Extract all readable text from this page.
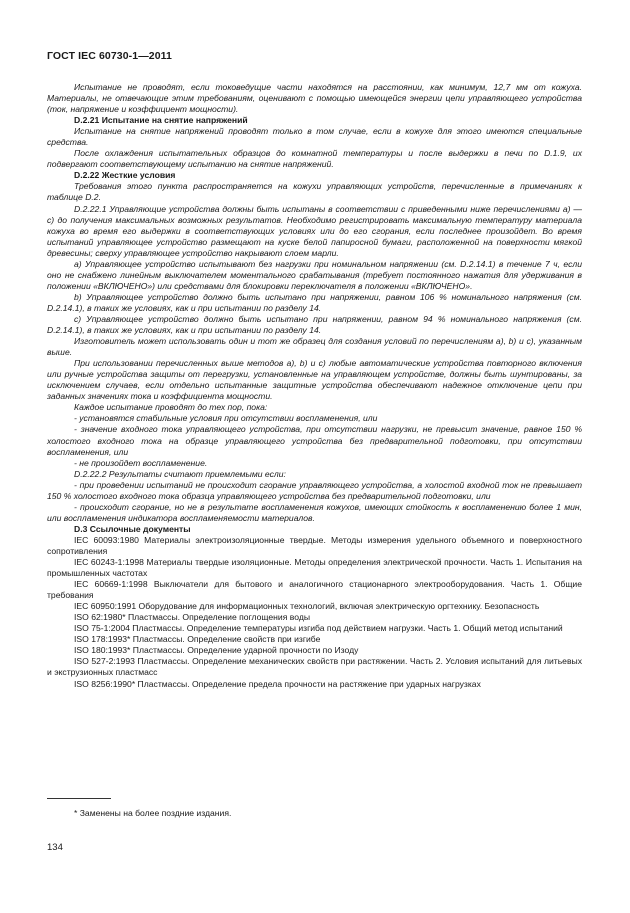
ГОСТ IEC 60730-1—2011

Испытание не проводят, если токоведущие части находятся на расстоянии, как минимум, 12,7 мм от кожуха. Материалы, не отвечающие этим требованиям, оценивают с помощью имеющейся энергии цепи управляющего устройства (ток, напряжение и коэффициент мощности).

D.2.21 Испытание на снятие напряжений

Испытание на снятие напряжений проводят только в том случае, если в кожухе для этого имеются специальные средства.

После охлаждения испытательных образцов до комнатной температуры и после выдержки в печи по D.1.9, их подвергают соответствующему испытанию на снятие напряжений.

D.2.22 Жесткие условия

Требования этого пункта распространяется на кожухи управляющих устройств, перечисленные в примечаниях к таблице D.2.

D.2.22.1 Управляющие устройства должны быть испытаны в соответствии с приведенными ниже перечислениями а) — с) до получения максимальных возможных результатов. Необходимо регистрировать максимальную температуру материала кожуха во время его выдержки в соответствующих условиях или до его сгорания, если последнее произойдет. Во время испытаний управляющее устройство размещают на куске белой папиросной бумаги, расположенной на поверхности мягкой древесины; сверху управляющее устройство накрывают слоем марли.

а) Управляющее устройство испытывают без нагрузки при номинальном напряжении (см. D.2.14.1) в течение 7 ч, если оно не снабжено линейным выключателем моментального срабатывания (требует постоянного нажатия для удерживания в положении «ВКЛЮЧЕНО») или средствами для блокировки переключателя в положении «ВКЛЮЧЕНО».

b) Управляющее устройство должно быть испытано при напряжении, равном 106 % номинального напряжения (см. D.2.14.1), в таких же условиях, как и при испытании по разделу 14.

с) Управляющее устройство должно быть испытано при напряжении, равном 94 % номинального напряжения (см. D.2.14.1), в таких же условиях, как и при испытании по разделу 14.

Изготовитель может использовать один и тот же образец для создания условий по перечислениям а), b) и с), указанным выше.

При использовании перечисленных выше методов а), b) и с) любые автоматические устройства повторного включения или ручные устройства защиты от перегрузки, установленные на управляющем устройстве, должны быть шунтированы, за исключением случаев, если отдельно испытанные защитные устройства обеспечивают надежное отключение цепи при заданных значениях тока и коэффициента мощности.

Каждое испытание проводят до тех пор, пока:

- установятся стабильные условия при отсутствии воспламенения, или

- значение входного тока управляющего устройства, при отсутствии нагрузки, не превысит значение, равное 150 % холостого входного тока на образце управляющего устройства без предварительной подготовки, при отсутствии воспламенения, или

- не произойдет воспламенение.

D.2.22.2 Результаты считают приемлемыми если:

- при проведении испытаний не происходит сгорание управляющего устройства, а холостой входной ток не превышает 150 % холостого входного тока образца управляющего устройства без предварительной подготовки, или

- происходит сгорание, но не в результате воспламенения кожухов, имеющих стойкость к воспламенению более 1 мин, или воспламенения индикатора воспламеняемости материалов.

D.3 Ссылочные документы

IEC 60093:1980 Материалы электроизоляционные твердые. Методы измерения удельного объемного и поверхностного сопротивления

IEC 60243-1:1998 Материалы твердые изоляционные. Методы определения электрической прочности. Часть 1. Испытания на промышленных частотах

IEC 60669-1:1998 Выключатели для бытового и аналогичного стационарного электрооборудования. Часть 1. Общие требования

IEC 60950:1991 Оборудование для информационных технологий, включая электрическую оргтехнику. Безопасность

ISO 62:1980* Пластмассы. Определение поглощения воды

ISO 75-1:2004 Пластмассы. Определение температуры изгиба под действием нагрузки. Часть 1. Общий метод испытаний

ISO 178:1993* Пластмассы. Определение свойств при изгибе

ISO 180:1993* Пластмассы. Определение ударной прочности по Изоду

ISO 527-2:1993 Пластмассы. Определение механических свойств при растяжении. Часть 2. Условия испытаний для литьевых и экструзионных пластмасс

ISO 8256:1990* Пластмассы. Определение предела прочности на растяжение при ударных нагрузках

* Заменены на более поздние издания.
134
